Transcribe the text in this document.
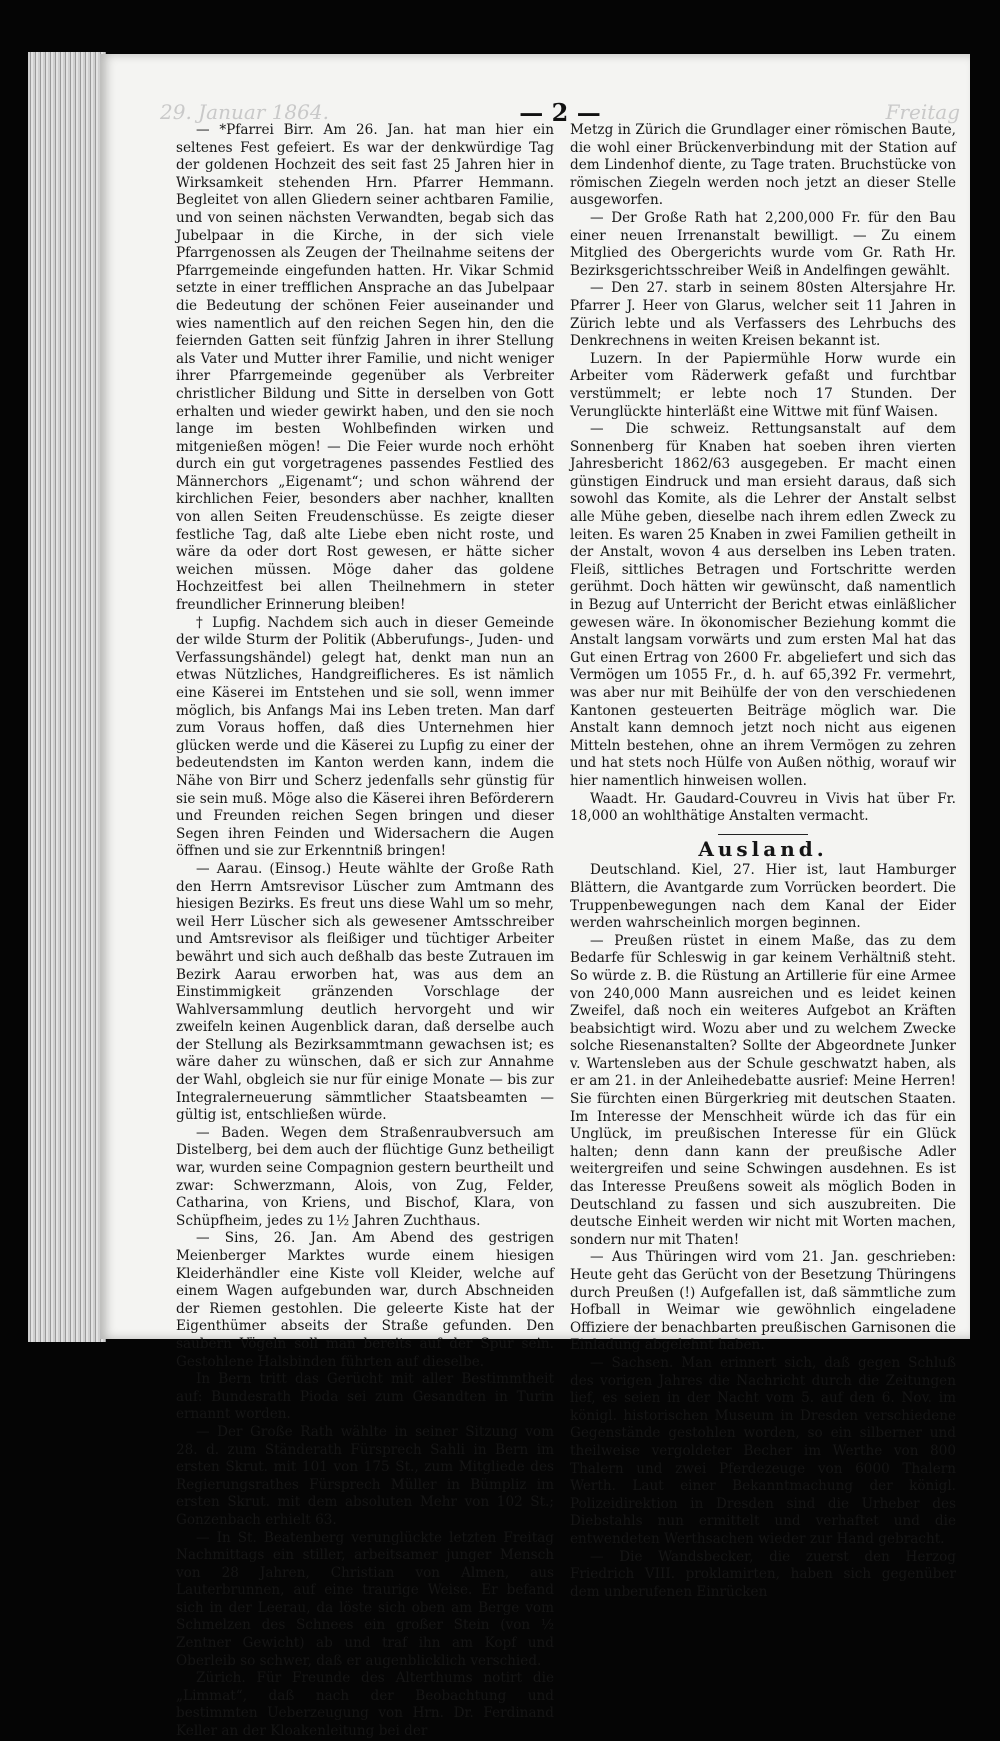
29. Januar 1864.	— 2 —	Freitag

— *Pfarrei Birr. Am 26. Jan. hat man hier ein seltenes Fest gefeiert. Es war der denkwürdige Tag der goldenen Hochzeit des seit fast 25 Jahren hier in Wirksamkeit stehenden Hrn. Pfarrer Hemmann. Begleitet von allen Gliedern seiner achtbaren Familie, und von seinen nächsten Verwandten, begab sich das Jubelpaar in die Kirche, in der sich viele Pfarrgenossen als Zeugen der Theilnahme seitens der Pfarrgemeinde eingefunden hatten. Hr. Vikar Schmid setzte in einer trefflichen Ansprache an das Jubelpaar die Bedeutung der schönen Feier auseinander und wies namentlich auf den reichen Segen hin, den die feiernden Gatten seit fünfzig Jahren in ihrer Stellung als Vater und Mutter ihrer Familie, und nicht weniger ihrer Pfarrgemeinde gegenüber als Verbreiter christlicher Bildung und Sitte in derselben von Gott erhalten und wieder gewirkt haben, und den sie noch lange im besten Wohlbefinden wirken und mitgenießen mögen! — Die Feier wurde noch erhöht durch ein gut vorgetragenes passendes Festlied des Männerchors „Eigenamt“; und schon während der kirchlichen Feier, besonders aber nachher, knallten von allen Seiten Freudenschüsse. Es zeigte dieser festliche Tag, daß alte Liebe eben nicht roste, und wäre da oder dort Rost gewesen, er hätte sicher weichen müssen. Möge daher das goldene Hochzeitfest bei allen Theilnehmern in steter freundlicher Erinnerung bleiben!

† Lupfig. Nachdem sich auch in dieser Gemeinde der wilde Sturm der Politik (Abberufungs-, Juden- und Verfassungshändel) gelegt hat, denkt man nun an etwas Nützliches, Handgreiflicheres. Es ist nämlich eine Käserei im Entstehen und sie soll, wenn immer möglich, bis Anfangs Mai ins Leben treten. Man darf zum Voraus hoffen, daß dies Unternehmen hier glücken werde und die Käserei zu Lupfig zu einer der bedeutendsten im Kanton werden kann, indem die Nähe von Birr und Scherz jedenfalls sehr günstig für sie sein muß. Möge also die Käserei ihren Beförderern und Freunden reichen Segen bringen und dieser Segen ihren Feinden und Widersachern die Augen öffnen und sie zur Erkenntniß bringen!

— Aarau. (Einsog.) Heute wählte der Große Rath den Herrn Amtsrevisor Lüscher zum Amtmann des hiesigen Bezirks. Es freut uns diese Wahl um so mehr, weil Herr Lüscher sich als gewesener Amtsschreiber und Amtsrevisor als fleißiger und tüchtiger Arbeiter bewährt und sich auch deßhalb das beste Zutrauen im Bezirk Aarau erworben hat, was aus dem an Einstimmigkeit gränzenden Vorschlage der Wahlversammlung deutlich hervorgeht und wir zweifeln keinen Augenblick daran, daß derselbe auch der Stellung als Bezirksammtmann gewachsen ist; es wäre daher zu wünschen, daß er sich zur Annahme der Wahl, obgleich sie nur für einige Monate — bis zur Integralerneuerung sämmtlicher Staatsbeamten — gültig ist, entschließen würde.

— Baden. Wegen dem Straßenraubversuch am Distelberg, bei dem auch der flüchtige Gunz betheiligt war, wurden seine Compagnion gestern beurtheilt und zwar: Schwerzmann, Alois, von Zug, Felder, Catharina, von Kriens, und Bischof, Klara, von Schüpfheim, jedes zu 1½ Jahren Zuchthaus.

— Sins, 26. Jan. Am Abend des gestrigen Meienberger Marktes wurde einem hiesigen Kleiderhändler eine Kiste voll Kleider, welche auf einem Wagen aufgebunden war, durch Abschneiden der Riemen gestohlen. Die geleerte Kiste hat der Eigenthümer abseits der Straße gefunden. Den saubern Vögeln soll man bereits auf der Spur sein. Gestohlene Halsbinden führten auf dieselbe.

In Bern tritt das Gerücht mit aller Bestimmtheit auf: Bundesrath Pioda sei zum Gesandten in Turin ernannt worden.

— Der Große Rath wählte in seiner Sitzung vom 28. d. zum Ständerath Fürsprech Sahli in Bern im ersten Skrut. mit 101 von 175 St., zum Mitgliede des Regierungsrathes Fürsprech Müller in Bümpliz im ersten Skrut. mit dem absoluten Mehr von 102 St.; Gonzenbach erhielt 63.

— In St. Beatenberg verunglückte letzten Freitag Nachmittags ein stiller, arbeitsamer junger Mensch von 28 Jahren, Christian von Almen, aus Lauterbrunnen, auf eine traurige Weise. Er befand sich in der Leerau, da löste sich oben am Berge vom Schmelzen des Schnees ein großer Stein (von ½ Zentner Gewicht) ab und traf ihn am Kopf und Oberleib so schwer, daß er augenblicklich verschied.

Zürich. Für Freunde des Alterthums notirt die „Limmat“, daß nach der Beobachtung und bestimmten Ueberzeugung von Hrn. Dr. Ferdinand Keller an der Kloakenleitung bei der

Metzg in Zürich die Grundlager einer römischen Baute, die wohl einer Brückenverbindung mit der Station auf dem Lindenhof diente, zu Tage traten. Bruchstücke von römischen Ziegeln werden noch jetzt an dieser Stelle ausgeworfen.

— Der Große Rath hat 2,200,000 Fr. für den Bau einer neuen Irrenanstalt bewilligt. — Zu einem Mitglied des Obergerichts wurde vom Gr. Rath Hr. Bezirksgerichtsschreiber Weiß in Andelfingen gewählt.

— Den 27. starb in seinem 80sten Altersjahre Hr. Pfarrer J. Heer von Glarus, welcher seit 11 Jahren in Zürich lebte und als Verfassers des Lehrbuchs des Denkrechnens in weiten Kreisen bekannt ist.

Luzern. In der Papiermühle Horw wurde ein Arbeiter vom Räderwerk gefaßt und furchtbar verstümmelt; er lebte noch 17 Stunden. Der Verunglückte hinterläßt eine Wittwe mit fünf Waisen.

— Die schweiz. Rettungsanstalt auf dem Sonnenberg für Knaben hat soeben ihren vierten Jahresbericht 1862/63 ausgegeben. Er macht einen günstigen Eindruck und man ersieht daraus, daß sich sowohl das Komite, als die Lehrer der Anstalt selbst alle Mühe geben, dieselbe nach ihrem edlen Zweck zu leiten. Es waren 25 Knaben in zwei Familien getheilt in der Anstalt, wovon 4 aus derselben ins Leben traten. Fleiß, sittliches Betragen und Fortschritte werden gerühmt. Doch hätten wir gewünscht, daß namentlich in Bezug auf Unterricht der Bericht etwas einläßlicher gewesen wäre. In ökonomischer Beziehung kommt die Anstalt langsam vorwärts und zum ersten Mal hat das Gut einen Ertrag von 2600 Fr. abgeliefert und sich das Vermögen um 1055 Fr., d. h. auf 65,392 Fr. vermehrt, was aber nur mit Beihülfe der von den verschiedenen Kantonen gesteuerten Beiträge möglich war. Die Anstalt kann demnoch jetzt noch nicht aus eigenen Mitteln bestehen, ohne an ihrem Vermögen zu zehren und hat stets noch Hülfe von Außen nöthig, worauf wir hier namentlich hinweisen wollen.

Waadt. Hr. Gaudard-Couvreu in Vivis hat über Fr. 18,000 an wohlthätige Anstalten vermacht.

Ausland.

Deutschland. Kiel, 27. Hier ist, laut Hamburger Blättern, die Avantgarde zum Vorrücken beordert. Die Truppenbewegungen nach dem Kanal der Eider werden wahrscheinlich morgen beginnen.

— Preußen rüstet in einem Maße, das zu dem Bedarfe für Schleswig in gar keinem Verhältniß steht. So würde z. B. die Rüstung an Artillerie für eine Armee von 240,000 Mann ausreichen und es leidet keinen Zweifel, daß noch ein weiteres Aufgebot an Kräften beabsichtigt wird. Wozu aber und zu welchem Zwecke solche Riesenanstalten? Sollte der Abgeordnete Junker v. Wartensleben aus der Schule geschwatzt haben, als er am 21. in der Anleihedebatte ausrief: Meine Herren! Sie fürchten einen Bürgerkrieg mit deutschen Staaten. Im Interesse der Menschheit würde ich das für ein Unglück, im preußischen Interesse für ein Glück halten; denn dann kann der preußische Adler weitergreifen und seine Schwingen ausdehnen. Es ist das Interesse Preußens soweit als möglich Boden in Deutschland zu fassen und sich auszubreiten. Die deutsche Einheit werden wir nicht mit Worten machen, sondern nur mit Thaten!

— Aus Thüringen wird vom 21. Jan. geschrieben: Heute geht das Gerücht von der Besetzung Thüringens durch Preußen (!) Aufgefallen ist, daß sämmtliche zum Hofball in Weimar wie gewöhnlich eingeladene Offiziere der benachbarten preußischen Garnisonen die Einladung abgelehnt haben.

— Sachsen. Man erinnert sich, daß gegen Schluß des vorigen Jahres die Nachricht durch die Zeitungen lief, es seien in der Nacht vom 5. auf den 6. Nov. im königl. historischen Museum in Dresden verschiedene Gegenstände gestohlen worden, so ein silberner und theilweise vergoldeter Becher im Werthe von 800 Thalern und zwei Pferdezeuge von 6000 Thalern Werth. Laut einer Bekanntmachung der königl. Polizeidirektion in Dresden sind die Urheber des Diebstahls nun ermittelt und verhaftet und die entwendeten Werthsachen wieder zur Hand gebracht.

— Die Wandsbecker, die zuerst den Herzog Friedrich VIII. proklamirten, haben sich gegenüber dem unberufenen Einrücken
